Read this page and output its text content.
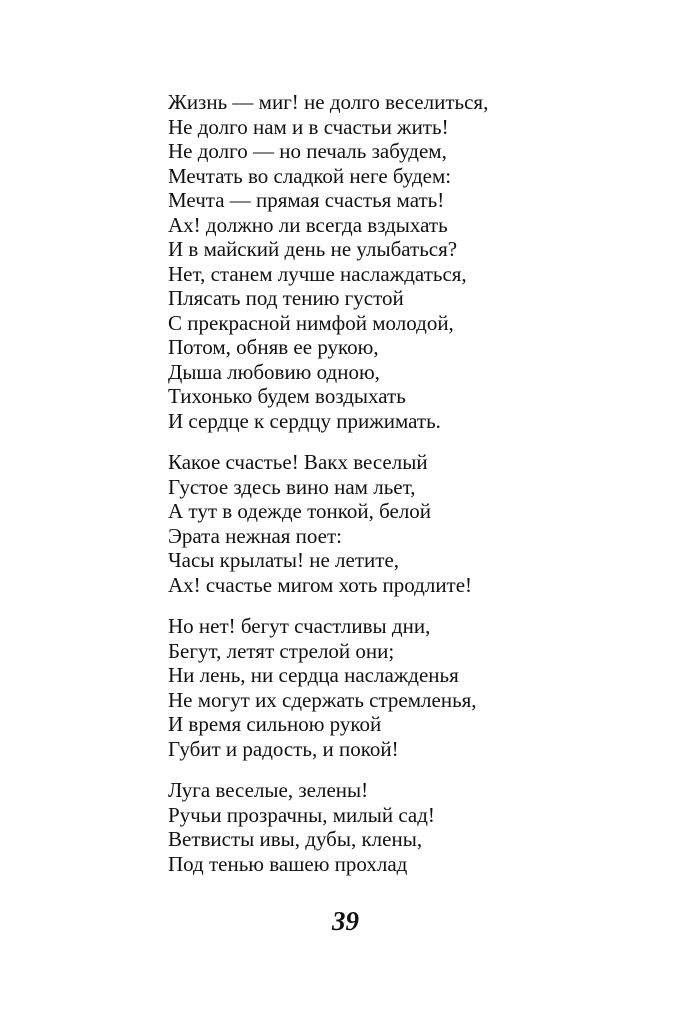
Жизнь — миг! не долго веселиться,
Не долго нам и в счастьи жить!
Не долго — но печаль забудем,
Мечтать во сладкой неге будем:
Мечта — прямая счастья мать!
Ах! должно ли всегда вздыхать
И в майский день не улыбаться?
Нет, станем лучше наслаждаться,
Плясать под тению густой
С прекрасной нимфой молодой,
Потом, обняв ее рукою,
Дыша любовию одною,
Тихонько будем воздыхать
И сердце к сердцу прижимать.
Какое счастье! Вакх веселый
Густое здесь вино нам льет,
А тут в одежде тонкой, белой
Эрата нежная поет:
Часы крылаты! не летите,
Ах! счастье мигом хоть продлите!
Но нет! бегут счастливы дни,
Бегут, летят стрелой они;
Ни лень, ни сердца наслажденья
Не могут их сдержать стремленья,
И время сильною рукой
Губит и радость, и покой!
Луга веселые, зелены!
Ручьи прозрачны, милый сад!
Ветвисты ивы, дубы, клены,
Под тенью вашею прохлад
39
